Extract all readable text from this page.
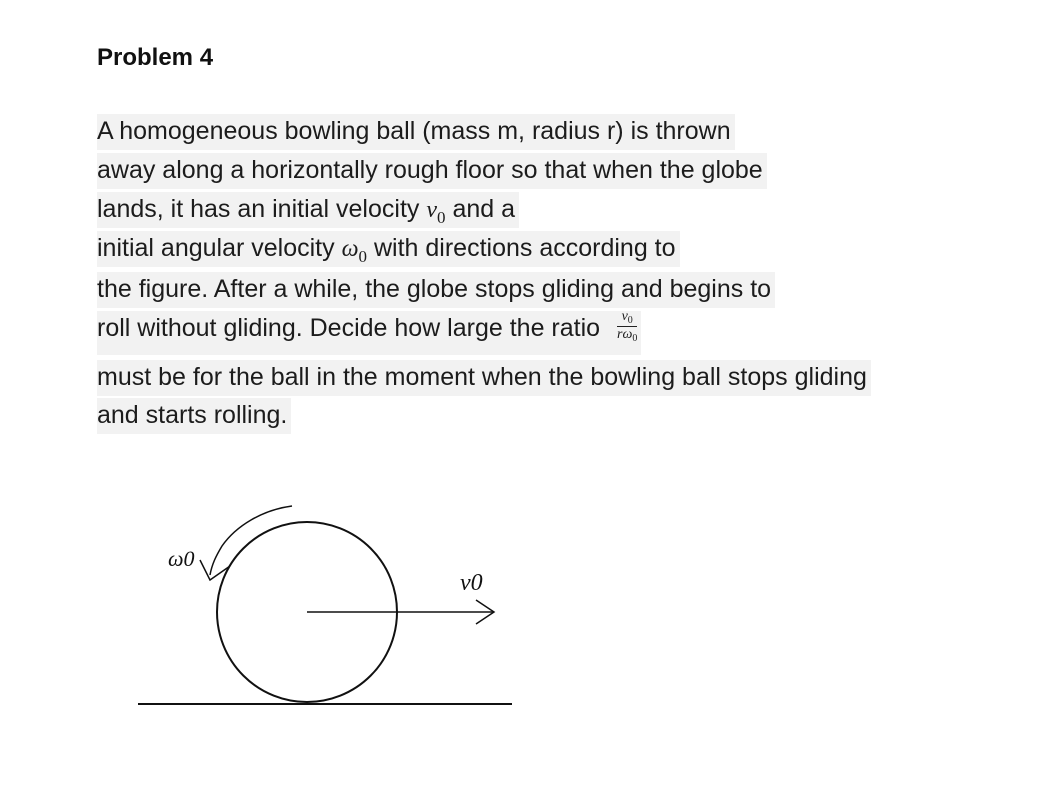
Problem 4
A homogeneous bowling ball (mass m, radius r) is thrown
away along a horizontally rough floor so that when the globe
lands, it has an initial velocity $v_0$ and a
initial angular velocity $\omega_0$ with directions according to
the figure. After a while, the globe stops gliding and begins to
roll without gliding. Decide how large the ratio $\frac{v_0}{r\omega_0}$
must be for the ball in the moment when the bowling ball stops gliding
and starts rolling.
ω0
v0
